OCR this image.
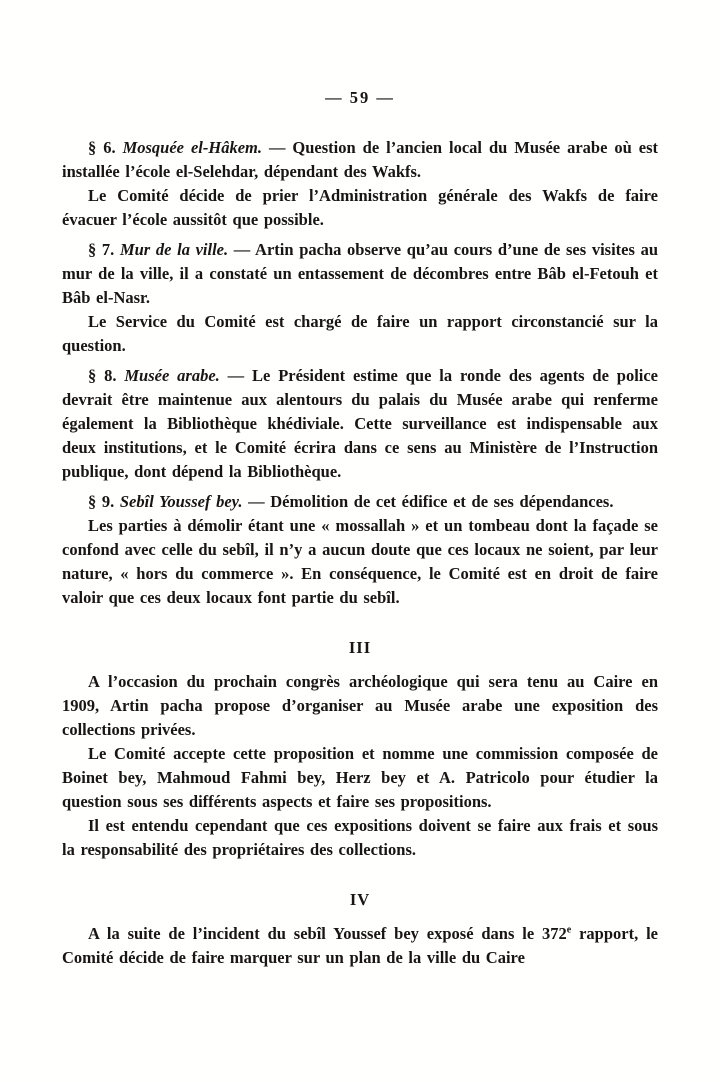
— 59 —

§ 6. Mosquée el-Hâkem. — Question de l’ancien local du Musée arabe où est installée l’école el-Selehdar, dépendant des Wakfs.

Le Comité décide de prier l’Administration générale des Wakfs de faire évacuer l’école aussitôt que possible.

§ 7. Mur de la ville. — Artin pacha observe qu’au cours d’une de ses visites au mur de la ville, il a constaté un entassement de décombres entre Bâb el-Fetouh et Bâb el-Nasr.

Le Service du Comité est chargé de faire un rapport circonstancié sur la question.

§ 8. Musée arabe. — Le Président estime que la ronde des agents de police devrait être maintenue aux alentours du palais du Musée arabe qui renferme également la Bibliothèque khédiviale. Cette surveillance est indispensable aux deux institutions, et le Comité écrira dans ce sens au Ministère de l’Instruction publique, dont dépend la Bibliothèque.

§ 9. Sebîl Youssef bey. — Démolition de cet édifice et de ses dépendances.

Les parties à démolir étant une « mossallah » et un tombeau dont la façade se confond avec celle du sebîl, il n’y a aucun doute que ces locaux ne soient, par leur nature, « hors du commerce ». En conséquence, le Comité est en droit de faire valoir que ces deux locaux font partie du sebîl.

III

A l’occasion du prochain congrès archéologique qui sera tenu au Caire en 1909, Artin pacha propose d’organiser au Musée arabe une exposition des collections privées.

Le Comité accepte cette proposition et nomme une commission composée de Boinet bey, Mahmoud Fahmi bey, Herz bey et A. Patricolo pour étudier la question sous ses différents aspects et faire ses propositions.

Il est entendu cependant que ces expositions doivent se faire aux frais et sous la responsabilité des propriétaires des collections.

IV

A la suite de l’incident du sebîl Youssef bey exposé dans le 372e rapport, le Comité décide de faire marquer sur un plan de la ville du Caire
